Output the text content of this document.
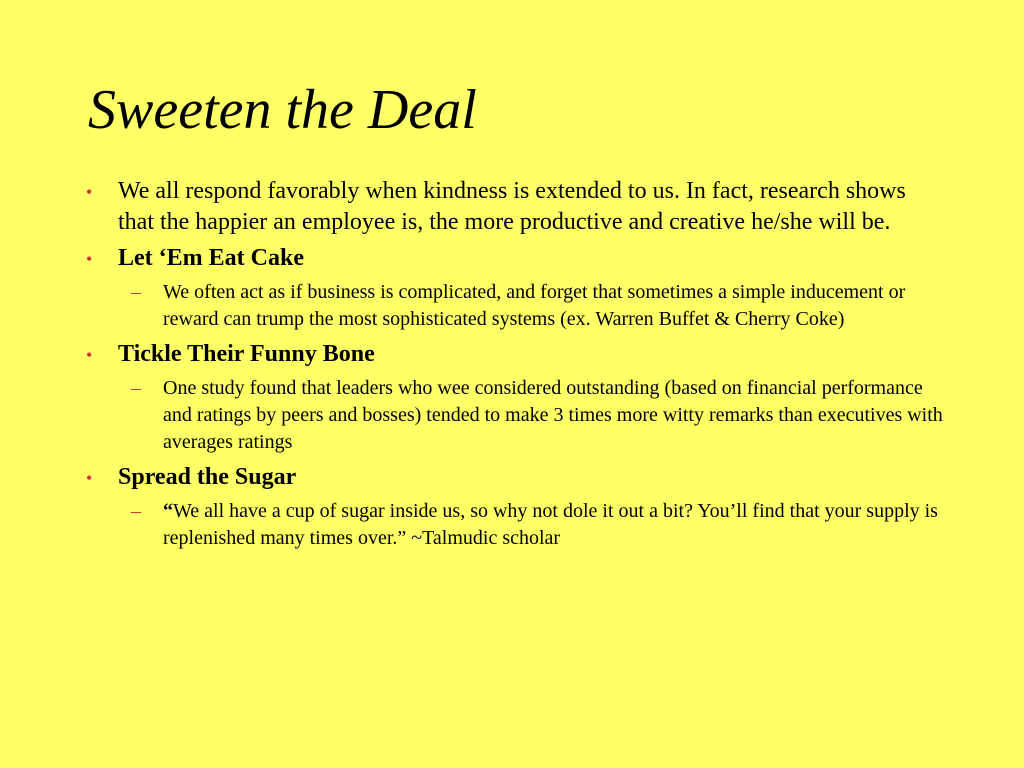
Sweeten the Deal
•	We all respond favorably when kindness is extended to us. In fact, research shows that the happier an employee is, the more productive and creative he/she will be.
•	Let ‘Em Eat Cake
– We often act as if business is complicated, and forget that sometimes a simple inducement or reward can trump the most sophisticated systems (ex. Warren Buffet & Cherry Coke)
•	Tickle Their Funny Bone
– One study found that leaders who wee considered outstanding (based on financial performance and ratings by peers and bosses) tended to make 3 times more witty remarks than executives with averages ratings
•	Spread the Sugar
– “We all have a cup of sugar inside us, so why not dole it out a bit? You’ll find that your supply is replenished many times over.” ~Talmudic scholar
